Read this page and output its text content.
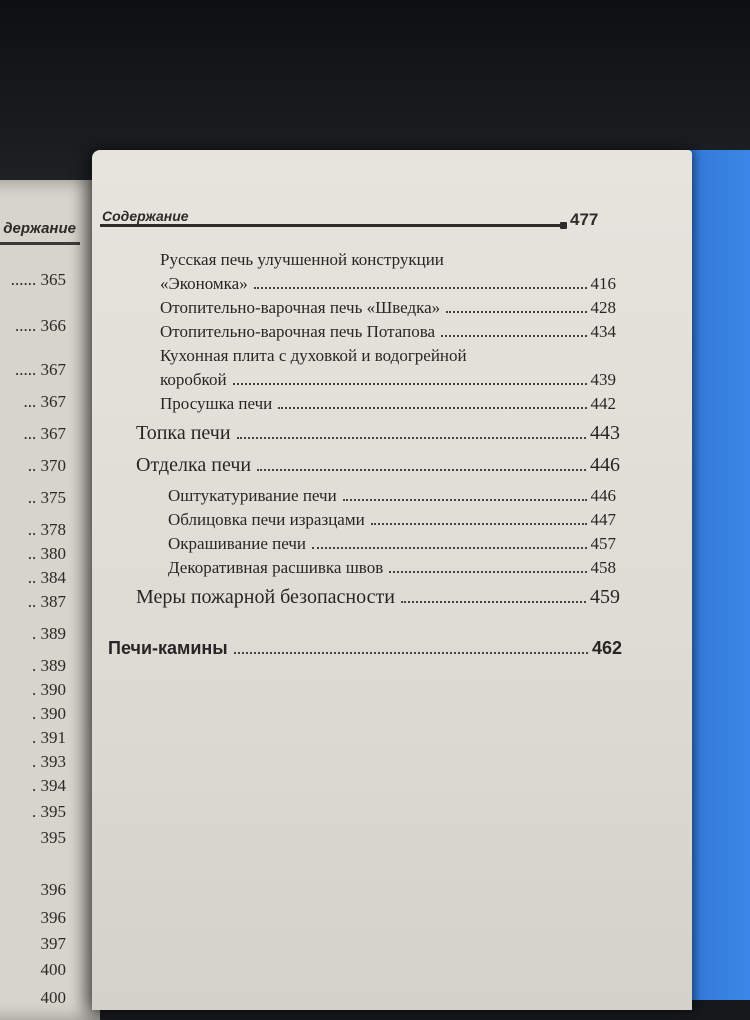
держание
...... 365
..... 366
..... 367
... 367
... 367
.. 370
.. 375
.. 378
.. 380
.. 384
.. 387
. 389
. 389
. 390
. 390
. 391
. 393
. 394
. 395
395
396
396
397
400
400
Содержание	477
Русская печь улучшенной конструкции
«Экономка»	416
Отопительно-варочная печь «Шведка»	428
Отопительно-варочная печь Потапова	434
Кухонная плита с духовкой и водогрейной
коробкой	439
Просушка печи	442
Топка печи	443
Отделка печи	446
Оштукатуривание печи	446
Облицовка печи изразцами	447
Окрашивание печи	457
Декоративная расшивка швов	458
Меры пожарной безопасности	459
Печи-камины	462
